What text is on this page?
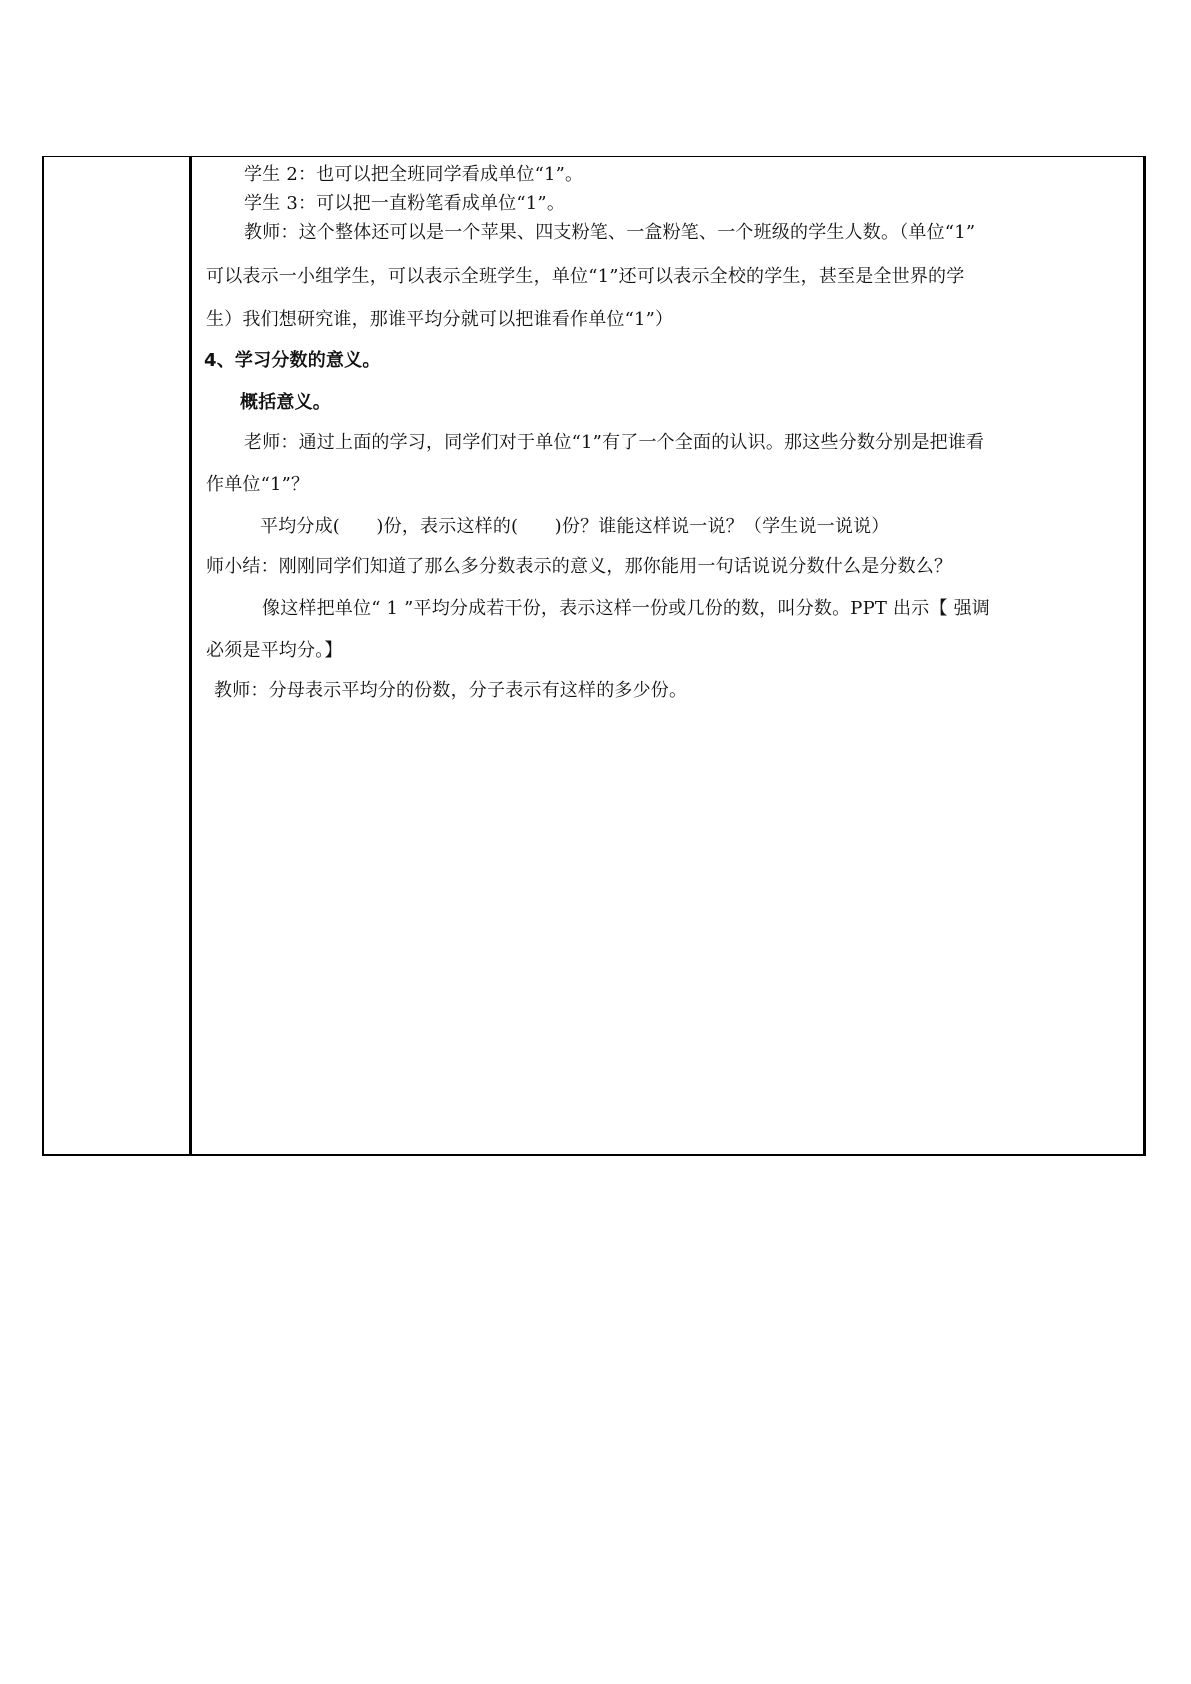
学生 2：也可以把全班同学看成单位“1”。
学生 3：可以把一直粉笔看成单位“1”。
教师：这个整体还可以是一个苹果、四支粉笔、一盒粉笔、一个班级的学生人数。（单位“1”
可以表示一小组学生，可以表示全班学生，单位“1”还可以表示全校的学生，甚至是全世界的学
生）我们想研究谁，那谁平均分就可以把谁看作单位“1”）
4、学习分数的意义。
概括意义。
老师：通过上面的学习，同学们对于单位“1”有了一个全面的认识。那这些分数分别是把谁看
作单位“1”？
平均分成(　　)份，表示这样的(　　)份？谁能这样说一说？（学生说一说说）
师小结：刚刚同学们知道了那么多分数表示的意义，那你能用一句话说说分数什么是分数么？
像这样把单位“ 1 ”平均分成若干份，表示这样一份或几份的数，叫分数。PPT 出示【 强调
必须是平均分。】
教师：分母表示平均分的份数，分子表示有这样的多少份。
